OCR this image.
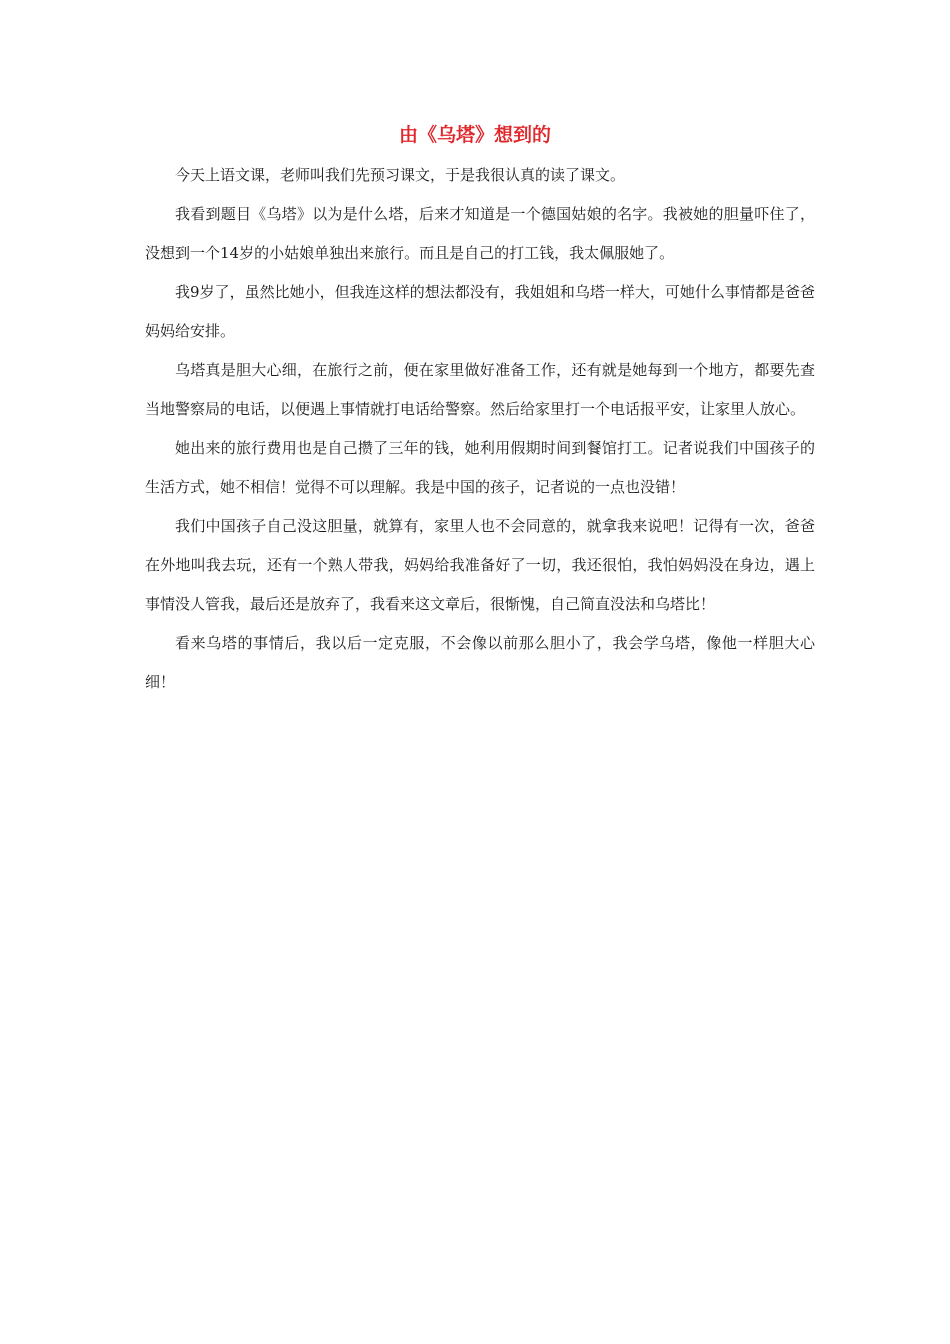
由《乌塔》想到的

今天上语文课，老师叫我们先预习课文，于是我很认真的读了课文。

我看到题目《乌塔》以为是什么塔，后来才知道是一个德国姑娘的名字。我被她的胆量吓住了，没想到一个14岁的小姑娘单独出来旅行。而且是自己的打工钱，我太佩服她了。

我9岁了，虽然比她小，但我连这样的想法都没有，我姐姐和乌塔一样大，可她什么事情都是爸爸妈妈给安排。

乌塔真是胆大心细，在旅行之前，便在家里做好准备工作，还有就是她每到一个地方，都要先查当地警察局的电话，以便遇上事情就打电话给警察。然后给家里打一个电话报平安，让家里人放心。

她出来的旅行费用也是自己攒了三年的钱，她利用假期时间到餐馆打工。记者说我们中国孩子的生活方式，她不相信！觉得不可以理解。我是中国的孩子，记者说的一点也没错！

我们中国孩子自己没这胆量，就算有，家里人也不会同意的，就拿我来说吧！记得有一次，爸爸在外地叫我去玩，还有一个熟人带我，妈妈给我准备好了一切，我还很怕，我怕妈妈没在身边，遇上事情没人管我，最后还是放弃了，我看来这文章后，很惭愧，自己简直没法和乌塔比！

看来乌塔的事情后，我以后一定克服，不会像以前那么胆小了，我会学乌塔，像他一样胆大心细！
